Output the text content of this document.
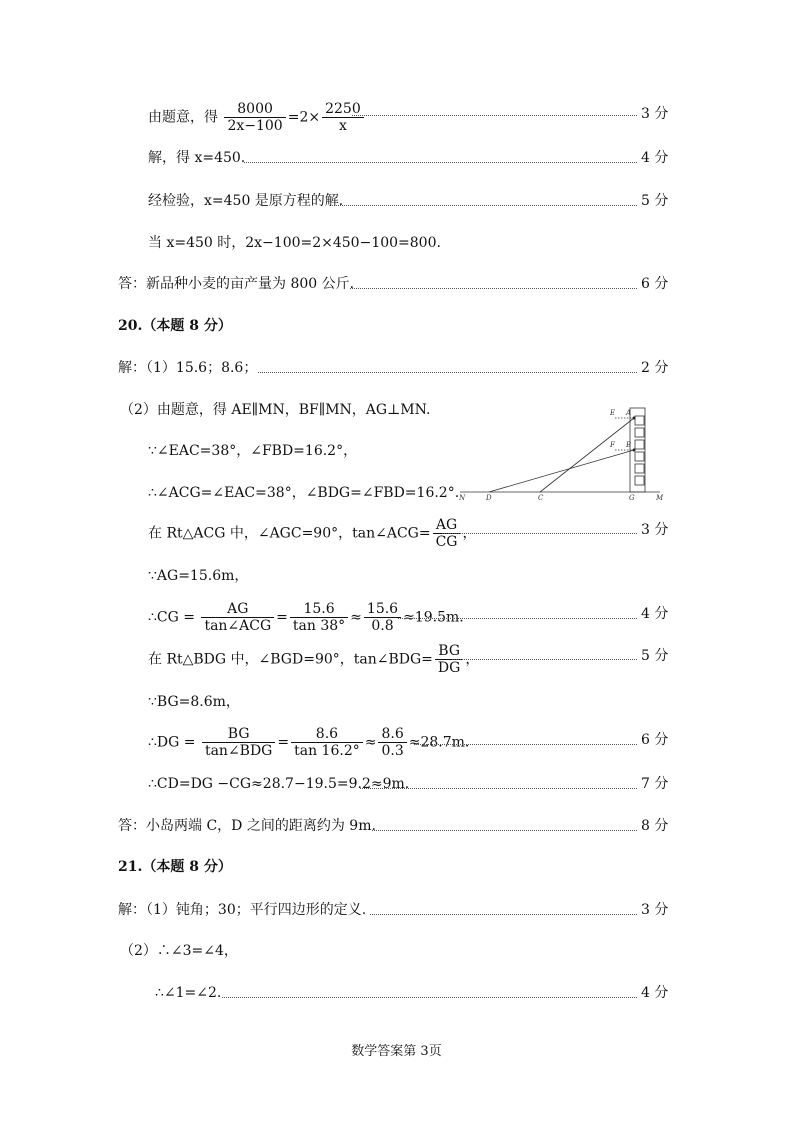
由题意，得 $\frac{8000}{2x-100} =2\times \frac{2250}{x}$	3 分
解，得 x=450.	4 分
经检验，x=450 是原方程的解.	5 分
当 x=450 时，2x−100=2×450−100=800.
答：新品种小麦的亩产量为 800 公斤.	6 分
20.（本题 8 分）
解：（1）15.6；8.6；	2 分
（2）由题意，得 AE∥MN，BF∥MN，AG⊥MN.
∵∠EAC=38°，∠FBD=16.2°，
∴∠ACG=∠EAC=38°，∠BDG=∠FBD=16.2°.
E A
F B
N	D	C	G	M
在 Rt△ACG 中，∠AGC=90°，tan∠ACG= $\frac{AG}{CG}$ ，	3 分
∵AG=15.6m，
∴CG = $\frac{AG}{\text{tan∠ACG}} = \frac{15.6}{\tan 38^\circ} \approx \frac{15.6}{0.8} \approx 19.5m$.	4 分
在 Rt△BDG 中，∠BGD=90°，tan∠BDG= $\frac{BG}{DG}$ ，	5 分
∵BG=8.6m，
∴DG = $\frac{BG}{\text{tan∠BDG}} = \frac{8.6}{\tan 16.2^\circ} \approx \frac{8.6}{0.3} \approx 28.7m$.	6 分
∴CD=DG −CG≈28.7−19.5=9.2≈9m.	7 分
答：小岛两端 C，D 之间的距离约为 9m.	8 分
21.（本题 8 分）
解：（1）钝角；30；平行四边形的定义.	3 分
（2）∴∠3=∠4，
∴∠1=∠2.	4 分
数学答案第 3页
